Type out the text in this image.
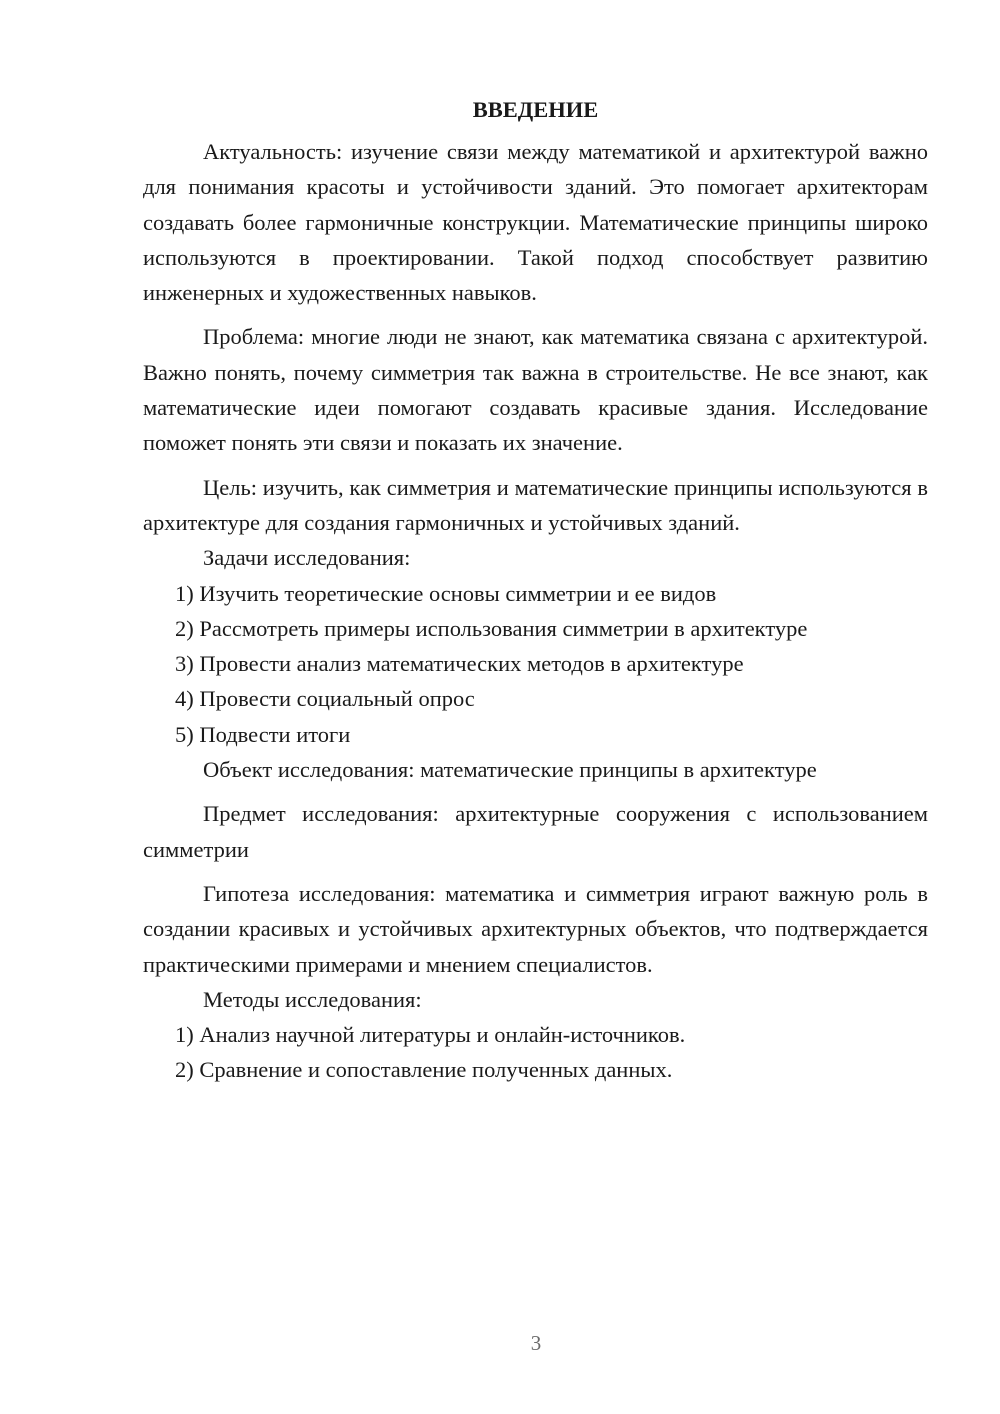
ВВЕДЕНИЕ

Актуальность: изучение связи между математикой и архитектурой важно для понимания красоты и устойчивости зданий. Это помогает архитекторам создавать более гармоничные конструкции. Математические принципы широко используются в проектировании. Такой подход способствует развитию инженерных и художественных навыков.

Проблема: многие люди не знают, как математика связана с архитектурой. Важно понять, почему симметрия так важна в строительстве. Не все знают, как математические идеи помогают создавать красивые здания. Исследование поможет понять эти связи и показать их значение.

Цель: изучить, как симметрия и математические принципы используются в архитектуре для создания гармоничных и устойчивых зданий.

Задачи исследования:

1) Изучить теоретические основы симметрии и ее видов
2) Рассмотреть примеры использования симметрии в архитектуре
3) Провести анализ математических методов в архитектуре
4) Провести социальный опрос
5) Подвести итоги

Объект исследования: математические принципы в архитектуре

Предмет исследования: архитектурные сооружения с использованием симметрии

Гипотеза исследования: математика и симметрия играют важную роль в создании красивых и устойчивых архитектурных объектов, что подтверждается практическими примерами и мнением специалистов.

Методы исследования:

1) Анализ научной литературы и онлайн-источников.
2) Сравнение и сопоставление полученных данных.
3
